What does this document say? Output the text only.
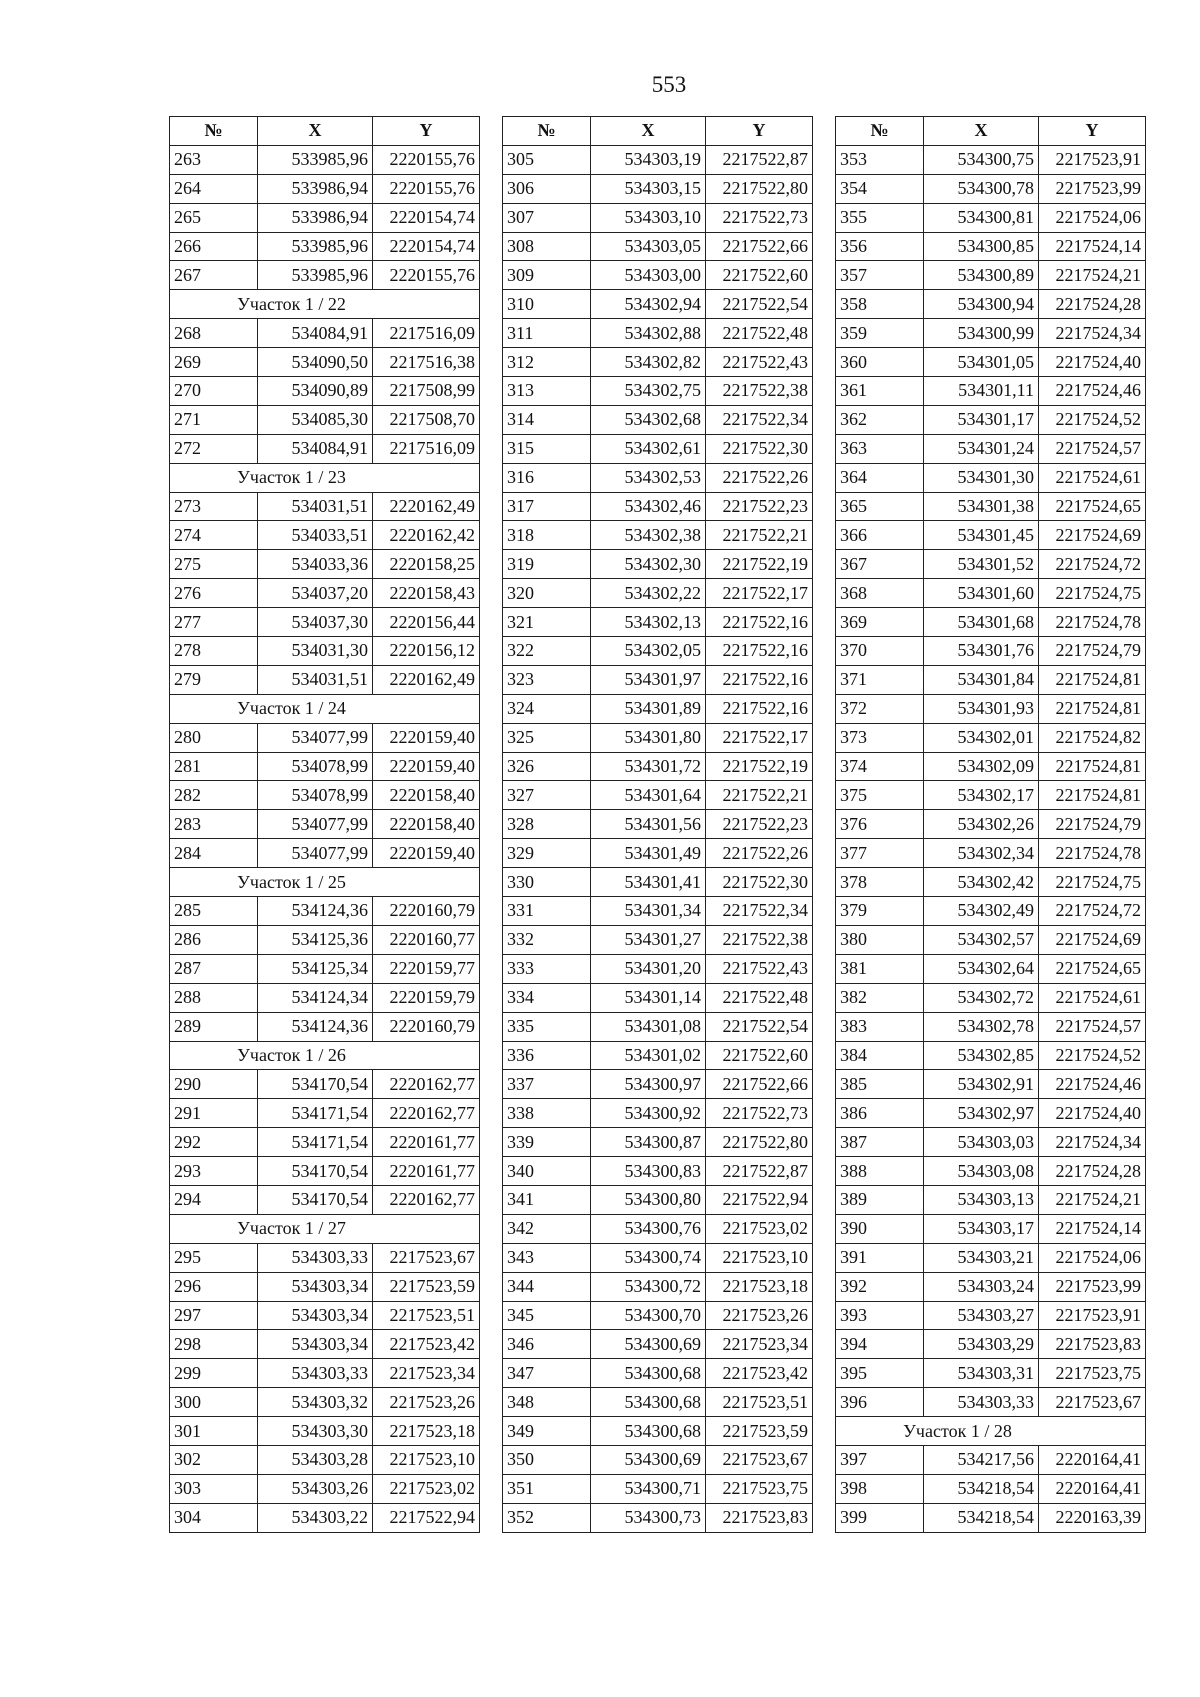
553
№	X	Y
263	533985,96	2220155,76
264	533986,94	2220155,76
265	533986,94	2220154,74
266	533985,96	2220154,74
267	533985,96	2220155,76
Участок 1 / 22		
268	534084,91	2217516,09
269	534090,50	2217516,38
270	534090,89	2217508,99
271	534085,30	2217508,70
272	534084,91	2217516,09
Участок 1 / 23		
273	534031,51	2220162,49
274	534033,51	2220162,42
275	534033,36	2220158,25
276	534037,20	2220158,43
277	534037,30	2220156,44
278	534031,30	2220156,12
279	534031,51	2220162,49
Участок 1 / 24		
280	534077,99	2220159,40
281	534078,99	2220159,40
282	534078,99	2220158,40
283	534077,99	2220158,40
284	534077,99	2220159,40
Участок 1 / 25		
285	534124,36	2220160,79
286	534125,36	2220160,77
287	534125,34	2220159,77
288	534124,34	2220159,79
289	534124,36	2220160,79
Участок 1 / 26		
290	534170,54	2220162,77
291	534171,54	2220162,77
292	534171,54	2220161,77
293	534170,54	2220161,77
294	534170,54	2220162,77
Участок 1 / 27		
295	534303,33	2217523,67
296	534303,34	2217523,59
297	534303,34	2217523,51
298	534303,34	2217523,42
299	534303,33	2217523,34
300	534303,32	2217523,26
301	534303,30	2217523,18
302	534303,28	2217523,10
303	534303,26	2217523,02
304	534303,22	2217522,94
№	X	Y
305	534303,19	2217522,87
306	534303,15	2217522,80
307	534303,10	2217522,73
308	534303,05	2217522,66
309	534303,00	2217522,60
310	534302,94	2217522,54
311	534302,88	2217522,48
312	534302,82	2217522,43
313	534302,75	2217522,38
314	534302,68	2217522,34
315	534302,61	2217522,30
316	534302,53	2217522,26
317	534302,46	2217522,23
318	534302,38	2217522,21
319	534302,30	2217522,19
320	534302,22	2217522,17
321	534302,13	2217522,16
322	534302,05	2217522,16
323	534301,97	2217522,16
324	534301,89	2217522,16
325	534301,80	2217522,17
326	534301,72	2217522,19
327	534301,64	2217522,21
328	534301,56	2217522,23
329	534301,49	2217522,26
330	534301,41	2217522,30
331	534301,34	2217522,34
332	534301,27	2217522,38
333	534301,20	2217522,43
334	534301,14	2217522,48
335	534301,08	2217522,54
336	534301,02	2217522,60
337	534300,97	2217522,66
338	534300,92	2217522,73
339	534300,87	2217522,80
340	534300,83	2217522,87
341	534300,80	2217522,94
342	534300,76	2217523,02
343	534300,74	2217523,10
344	534300,72	2217523,18
345	534300,70	2217523,26
346	534300,69	2217523,34
347	534300,68	2217523,42
348	534300,68	2217523,51
349	534300,68	2217523,59
350	534300,69	2217523,67
351	534300,71	2217523,75
352	534300,73	2217523,83
№	X	Y
353	534300,75	2217523,91
354	534300,78	2217523,99
355	534300,81	2217524,06
356	534300,85	2217524,14
357	534300,89	2217524,21
358	534300,94	2217524,28
359	534300,99	2217524,34
360	534301,05	2217524,40
361	534301,11	2217524,46
362	534301,17	2217524,52
363	534301,24	2217524,57
364	534301,30	2217524,61
365	534301,38	2217524,65
366	534301,45	2217524,69
367	534301,52	2217524,72
368	534301,60	2217524,75
369	534301,68	2217524,78
370	534301,76	2217524,79
371	534301,84	2217524,81
372	534301,93	2217524,81
373	534302,01	2217524,82
374	534302,09	2217524,81
375	534302,17	2217524,81
376	534302,26	2217524,79
377	534302,34	2217524,78
378	534302,42	2217524,75
379	534302,49	2217524,72
380	534302,57	2217524,69
381	534302,64	2217524,65
382	534302,72	2217524,61
383	534302,78	2217524,57
384	534302,85	2217524,52
385	534302,91	2217524,46
386	534302,97	2217524,40
387	534303,03	2217524,34
388	534303,08	2217524,28
389	534303,13	2217524,21
390	534303,17	2217524,14
391	534303,21	2217524,06
392	534303,24	2217523,99
393	534303,27	2217523,91
394	534303,29	2217523,83
395	534303,31	2217523,75
396	534303,33	2217523,67
Участок 1 / 28		
397	534217,56	2220164,41
398	534218,54	2220164,41
399	534218,54	2220163,39
